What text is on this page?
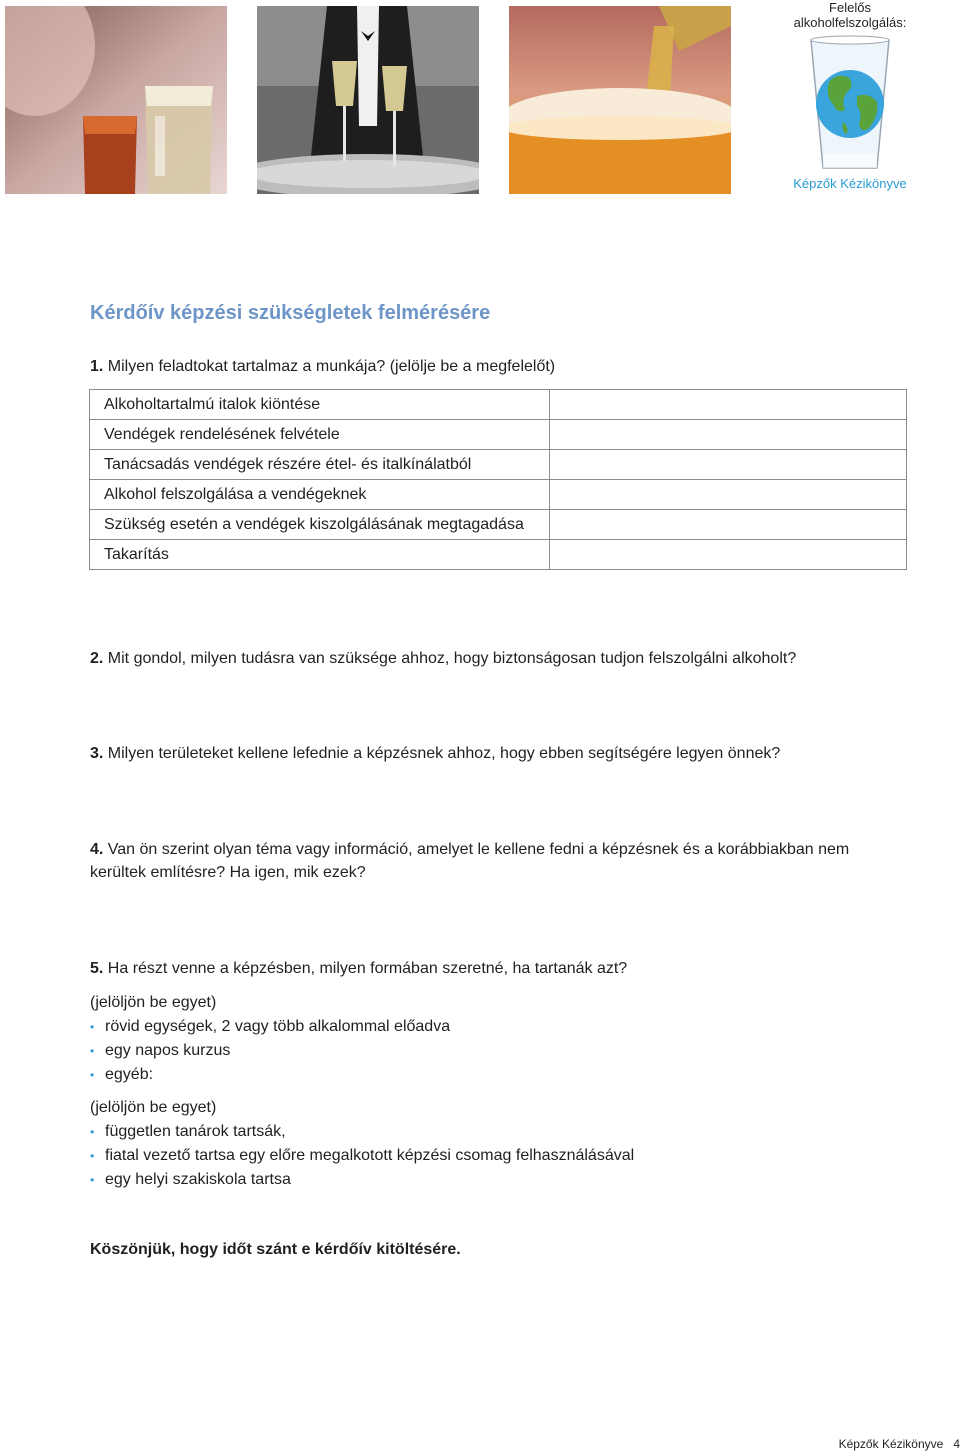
Felelős
alkoholfelszolgálás:
Képzők Kézikönyve
Kérdőív képzési szükségletek felmérésére
1. Milyen feladtokat tartalmaz a munkája? (jelölje be a megfelelőt)
Alkoholtartalmú italok kiöntése	
Vendégek rendelésének felvétele	
Tanácsadás vendégek részére étel- és italkínálatból	
Alkohol felszolgálása a vendégeknek	
Szükség esetén a vendégek kiszolgálásának megtagadása	
Takarítás	
2. Mit gondol, milyen tudásra van szüksége ahhoz, hogy biztonságosan tudjon felszolgálni alkoholt?
3. Milyen területeket kellene lefednie a képzésnek ahhoz, hogy ebben segítségére legyen önnek?
4. Van ön szerint olyan téma vagy információ, amelyet le kellene fedni a képzésnek és a korábbiakban nem kerültek említésre? Ha igen, mik ezek?
5. Ha részt venne a képzésben, milyen formában szeretné, ha tartanák azt?
(jelöljön be egyet)
• rövid egységek, 2 vagy több alkalommal előadva
• egy napos kurzus
• egyéb:
(jelöljön be egyet)
• független tanárok tartsák,
• fiatal vezető tartsa egy előre megalkotott képzési csomag felhasználásával
• egy helyi szakiskola tartsa
Köszönjük, hogy időt szánt e kérdőív kitöltésére.
Képzők Kézikönyve 4
